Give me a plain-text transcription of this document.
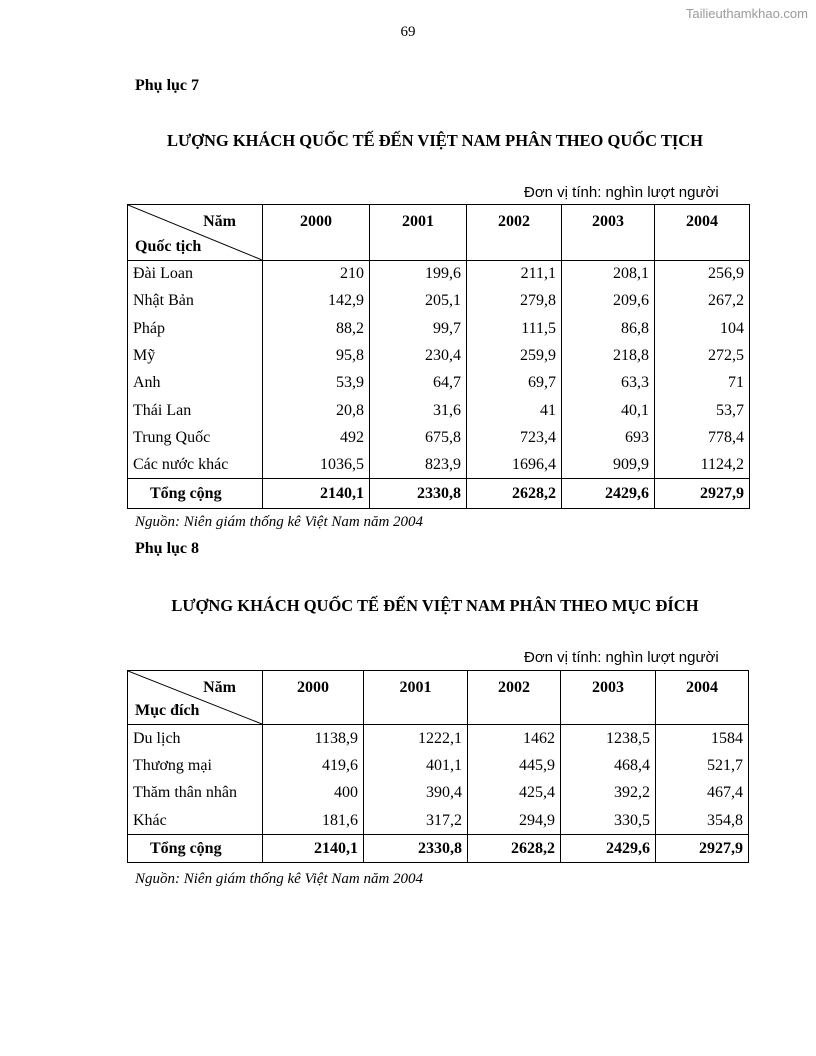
Tailieuthamkhao.com
69
Phụ lục 7
LƯỢNG KHÁCH QUỐC TẾ ĐẾN VIỆT NAM PHÂN THEO QUỐC TỊCH
Đơn vị tính: nghìn lượt người
Năm
Quốc tịch	2000	2001	2002	2003	2004
Đài Loan	210	199,6	211,1	208,1	256,9
Nhật Bản	142,9	205,1	279,8	209,6	267,2
Pháp	88,2	99,7	111,5	86,8	104
Mỹ	95,8	230,4	259,9	218,8	272,5
Anh	53,9	64,7	69,7	63,3	71
Thái Lan	20,8	31,6	41	40,1	53,7
Trung Quốc	492	675,8	723,4	693	778,4
Các nước khác	1036,5	823,9	1696,4	909,9	1124,2
Tổng cộng	2140,1	2330,8	2628,2	2429,6	2927,9
Nguồn: Niên giám thống kê Việt Nam năm 2004
Phụ lục 8
LƯỢNG KHÁCH QUỐC TẾ ĐẾN VIỆT NAM PHÂN THEO MỤC ĐÍCH
Đơn vị tính: nghìn lượt người
Năm
Mục đích	2000	2001	2002	2003	2004
Du lịch	1138,9	1222,1	1462	1238,5	1584
Thương mại	419,6	401,1	445,9	468,4	521,7
Thăm thân nhân	400	390,4	425,4	392,2	467,4
Khác	181,6	317,2	294,9	330,5	354,8
Tổng cộng	2140,1	2330,8	2628,2	2429,6	2927,9
Nguồn: Niên giám thống kê Việt Nam năm 2004
